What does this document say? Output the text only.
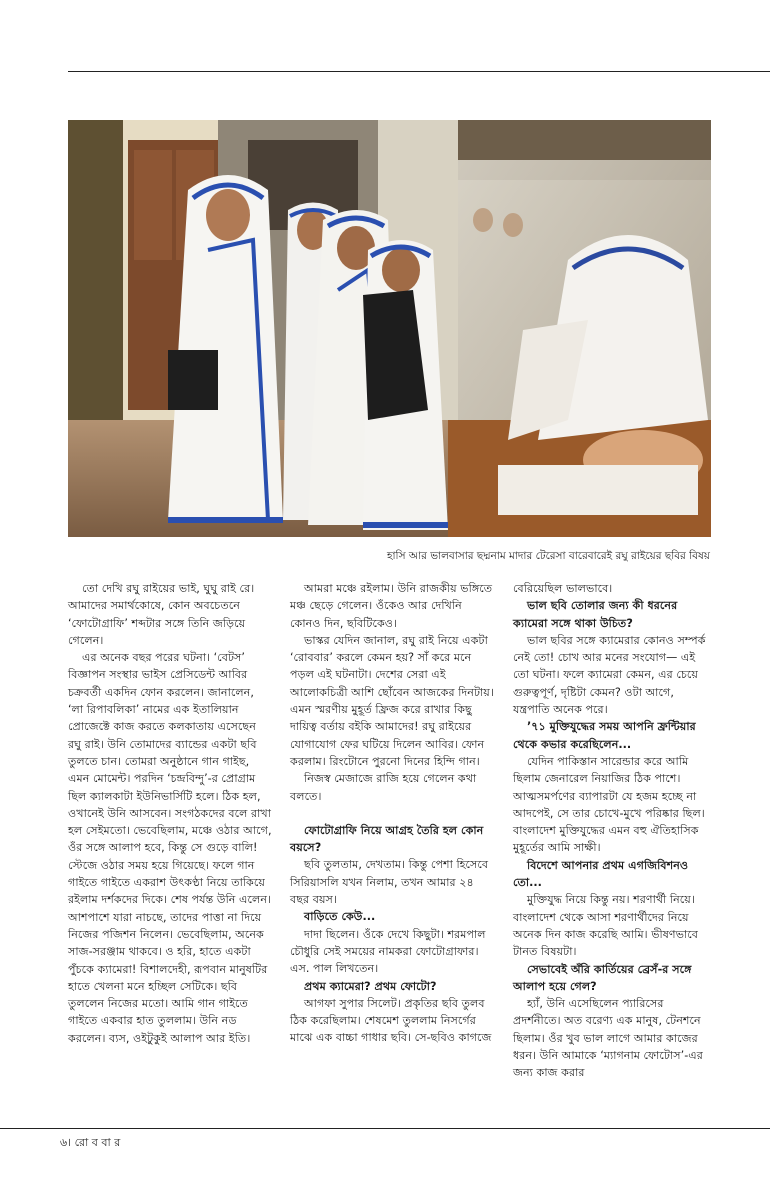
হাসি আর ভালবাসার ছদ্মনাম মাদার টেরেসা বারেবারেই রঘু রাইয়ের ছবির বিষয়

তো দেখি রঘু রাইয়ের ভাই, ঘুঘু রাই রে। আমাদের সমার্থকোষে, কোন অবচেতনে ‘ফোটোগ্রাফি’ শব্দটার সঙ্গে তিনি জড়িয়ে গেলেন।

এর অনেক বছর পরের ঘটনা। ‘বেটস’ বিজ্ঞাপন সংস্থার ভাইস প্রেসিডেন্ট আবির চক্রবর্তী একদিন ফোন করলেন। জানালেন, ‘লা রিপাবলিকা’ নামের এক ইতালিয়ান প্রোজেক্টে কাজ করতে কলকাতায় এসেছেন রঘু রাই। উনি তোমাদের ব্যান্ডের একটা ছবি তুলতে চান। তোমরা অনুষ্ঠানে গান গাইছ, এমন মোমেন্ট। পরদিন ‘চন্দ্রবিন্দু’-র প্রোগ্রাম ছিল ক্যালকাটা ইউনিভার্সিটি হলে। ঠিক হল, ওখানেই উনি আসবেন। সংগঠকদের বলে রাখা হল সেইমতো। ভেবেছিলাম, মঞ্চে ওঠার আগে, ওঁর সঙ্গে আলাপ হবে, কিন্তু সে গুড়ে বালি! স্টেজে ওঠার সময় হয়ে গিয়েছে। ফলে গান গাইতে গাইতে একরাশ উৎকণ্ঠা নিয়ে তাকিয়ে রইলাম দর্শকদের দিকে। শেষ পর্যন্ত উনি এলেন। আশপাশে যারা নাচছে, তাদের পাত্তা না দিয়ে নিজের পজিশন নিলেন। ভেবেছিলাম, অনেক সাজ-সরঞ্জাম থাকবে। ও হরি, হাতে একটা পুঁচকে ক্যামেরা! বিশালদেহী, রূপবান মানুষটির হাতে খেলনা মনে হচ্ছিল সেটিকে। ছবি তুললেন নিজের মতো। আমি গান গাইতে গাইতে একবার হাত তুললাম। উনি নড করলেন। ব্যস, ওইটুকুই আলাপ আর ইতি।

আমরা মঞ্চে রইলাম। উনি রাজকীয় ভঙ্গিতে মঞ্চ ছেড়ে গেলেন। ওঁকেও আর দেখিনি কোনও দিন, ছবিটিকেও।

ভাস্কর যেদিন জানাল, রঘু রাই নিয়ে একটা ‘রোববার’ করলে কেমন হয়? সাঁ করে মনে পড়ল এই ঘটনাটা। দেশের সেরা এই আলোকচিত্রী আশি ছোঁবেন আজকের দিনটায়। এমন স্মরণীয় মুহূর্ত ফ্রিজ করে রাখার কিছু দায়িত্ব বর্তায় বইকি আমাদের! রঘু রাইয়ের যোগাযোগ ফের ঘটিয়ে দিলেন আবির। ফোন করলাম। রিংটোনে পুরনো দিনের হিন্দি গান।

নিজস্ব মেজাজে রাজি হয়ে গেলেন কথা বলতে।

ফোটোগ্রাফি নিয়ে আগ্রহ তৈরি হল কোন বয়সে?

ছবি তুলতাম, দেখতাম। কিন্তু পেশা হিসেবে সিরিয়াসলি যখন নিলাম, তখন আমার ২৪ বছর বয়স।

বাড়িতে কেউ...

দাদা ছিলেন। ওঁকে দেখে কিছুটা। শরমপাল চৌধুরি সেই সময়ের নামকরা ফোটোগ্রাফার। এস. পাল লিখতেন।

প্রথম ক্যামেরা? প্রথম ফোটো?

আগফা সুপার সিলেট। প্রকৃতির ছবি তুলব ঠিক করেছিলাম। শেষমেশ তুললাম নিসর্গের মাঝে এক বাচ্চা গাধার ছবি। সে-ছবিও কাগজে

বেরিয়েছিল ভালভাবে।

ভাল ছবি তোলার জন্য কী ধরনের ক্যামেরা সঙ্গে থাকা উচিত?

ভাল ছবির সঙ্গে ক্যামেরার কোনও সম্পর্ক নেই তো! চোখ আর মনের সংযোগ— এই তো ঘটনা। ফলে ক্যামেরা কেমন, এর চেয়ে গুরুত্বপূর্ণ, দৃষ্টিটা কেমন? ওটা আগে, যন্ত্রপাতি অনেক পরে।

’৭১ মুক্তিযুদ্ধের সময় আপনি ফ্রন্টিয়ার থেকে কভার করেছিলেন...

যেদিন পাকিস্তান সারেন্ডার করে আমি ছিলাম জেনারেল নিয়াজির ঠিক পাশে। আত্মসমর্পণের ব্যাপারটা যে হজম হচ্ছে না আদপেই, সে তার চোখে-মুখে পরিষ্কার ছিল। বাংলাদেশ মুক্তিযুদ্ধের এমন বহু ঐতিহাসিক মুহূর্তের আমি সাক্ষী।

বিদেশে আপনার প্রথম এগজিবিশনও তো...

মুক্তিযুদ্ধ নিয়ে কিন্তু নয়। শরণার্থী নিয়ে। বাংলাদেশ থেকে আসা শরণার্থীদের নিয়ে অনেক দিন কাজ করেছি আমি। ভীষণভাবে টানত বিষয়টা।

সেভাবেই অঁরি কার্তিয়ের ব্রেসঁ-র সঙ্গে আলাপ হয়ে গেল?

হ্যাঁ, উনি এসেছিলেন প্যারিসের প্রদর্শনীতে। অত বরেণ্য এক মানুষ, টেনশনে ছিলাম। ওঁর খুব ভাল লাগে আমার কাজের ধরন। উনি আমাকে ‘ম্যাগনাম ফোটোস’-এর জন্য কাজ করার

৬। রো ব বা র
